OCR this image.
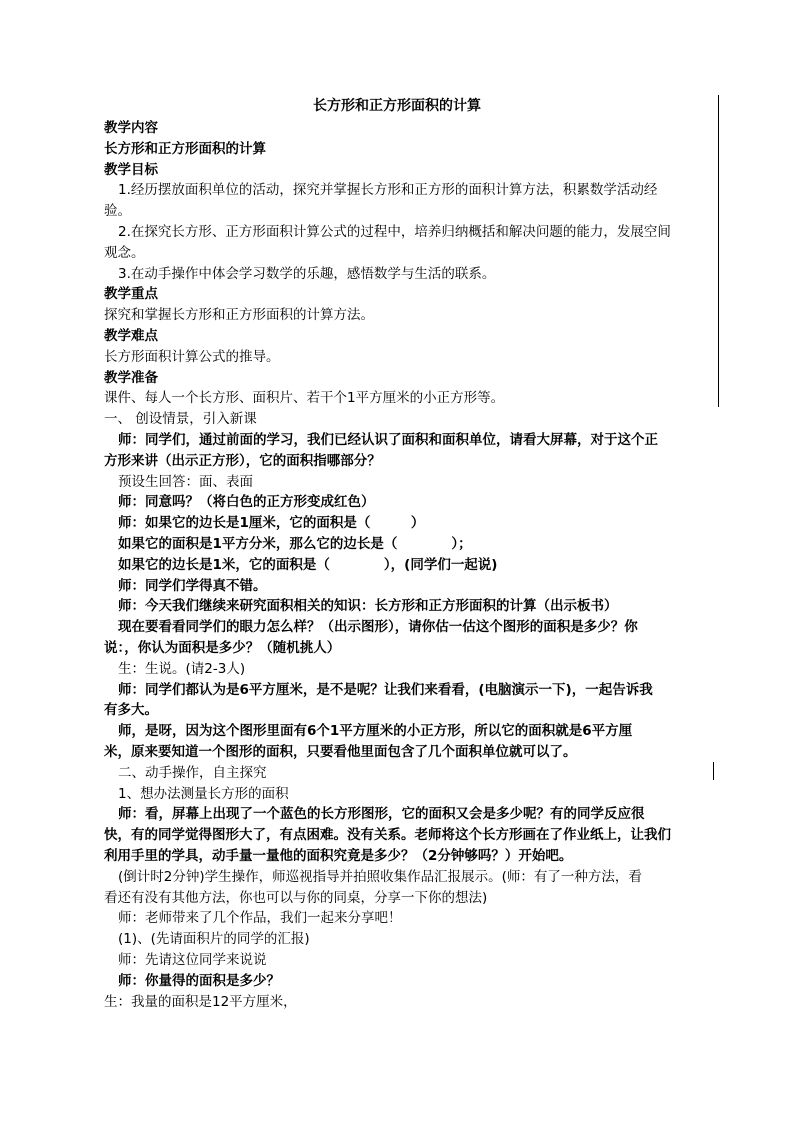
长方形和正方形面积的计算
教学内容
长方形和正方形面积的计算
教学目标
1.经历摆放面积单位的活动，探究并掌握长方形和正方形的面积计算方法，积累数学活动经
验。
2.在探究长方形、正方形面积计算公式的过程中，培养归纳概括和解决问题的能力，发展空间
观念。
3.在动手操作中体会学习数学的乐趣，感悟数学与生活的联系。
教学重点
探究和掌握长方形和正方形面积的计算方法。
教学难点
长方形面积计算公式的推导。
教学准备
课件、每人一个长方形、面积片、若干个1平方厘米的小正方形等。
一、 创设情景，引入新课
师：同学们，通过前面的学习，我们已经认识了面积和面积单位，请看大屏幕，对于这个正
方形来讲（出示正方形），它的面积指哪部分？
预设生回答：面、表面
师：同意吗？（将白色的正方形变成红色）
师：如果它的边长是1厘米，它的面积是（　　　）
如果它的面积是1平方分米，那么它的边长是（　　　　）；
如果它的边长是1米，它的面积是（　　　　），(同学们一起说)
师：同学们学得真不错。
师：今天我们继续来研究面积相关的知识：长方形和正方形面积的计算（出示板书）
现在要看看同学们的眼力怎么样？（出示图形），请你估一估这个图形的面积是多少？你
说：，你认为面积是多少？（随机挑人）
生：生说。(请2-3人)
师：同学们都认为是6平方厘米，是不是呢？让我们来看看，(电脑演示一下)，一起告诉我
有多大。
师，是呀，因为这个图形里面有6个1平方厘米的小正方形，所以它的面积就是6平方厘
米，原来要知道一个图形的面积，只要看他里面包含了几个面积单位就可以了。
二、动手操作，自主探究
1、想办法测量长方形的面积
师：看，屏幕上出现了一个蓝色的长方形图形，它的面积又会是多少呢？有的同学反应很
快，有的同学觉得图形大了，有点困难。没有关系。老师将这个长方形画在了作业纸上，让我们
利用手里的学具，动手量一量他的面积究竟是多少？（2分钟够吗？）开始吧。
(倒计时2分钟)学生操作，师巡视指导并拍照收集作品汇报展示。(师：有了一种方法，看
看还有没有其他方法，你也可以与你的同桌，分享一下你的想法)
师：老师带来了几个作品，我们一起来分享吧！
(1)、(先请面积片的同学的汇报)
师：先请这位同学来说说
师：你量得的面积是多少？
生：我量的面积是12平方厘米，
